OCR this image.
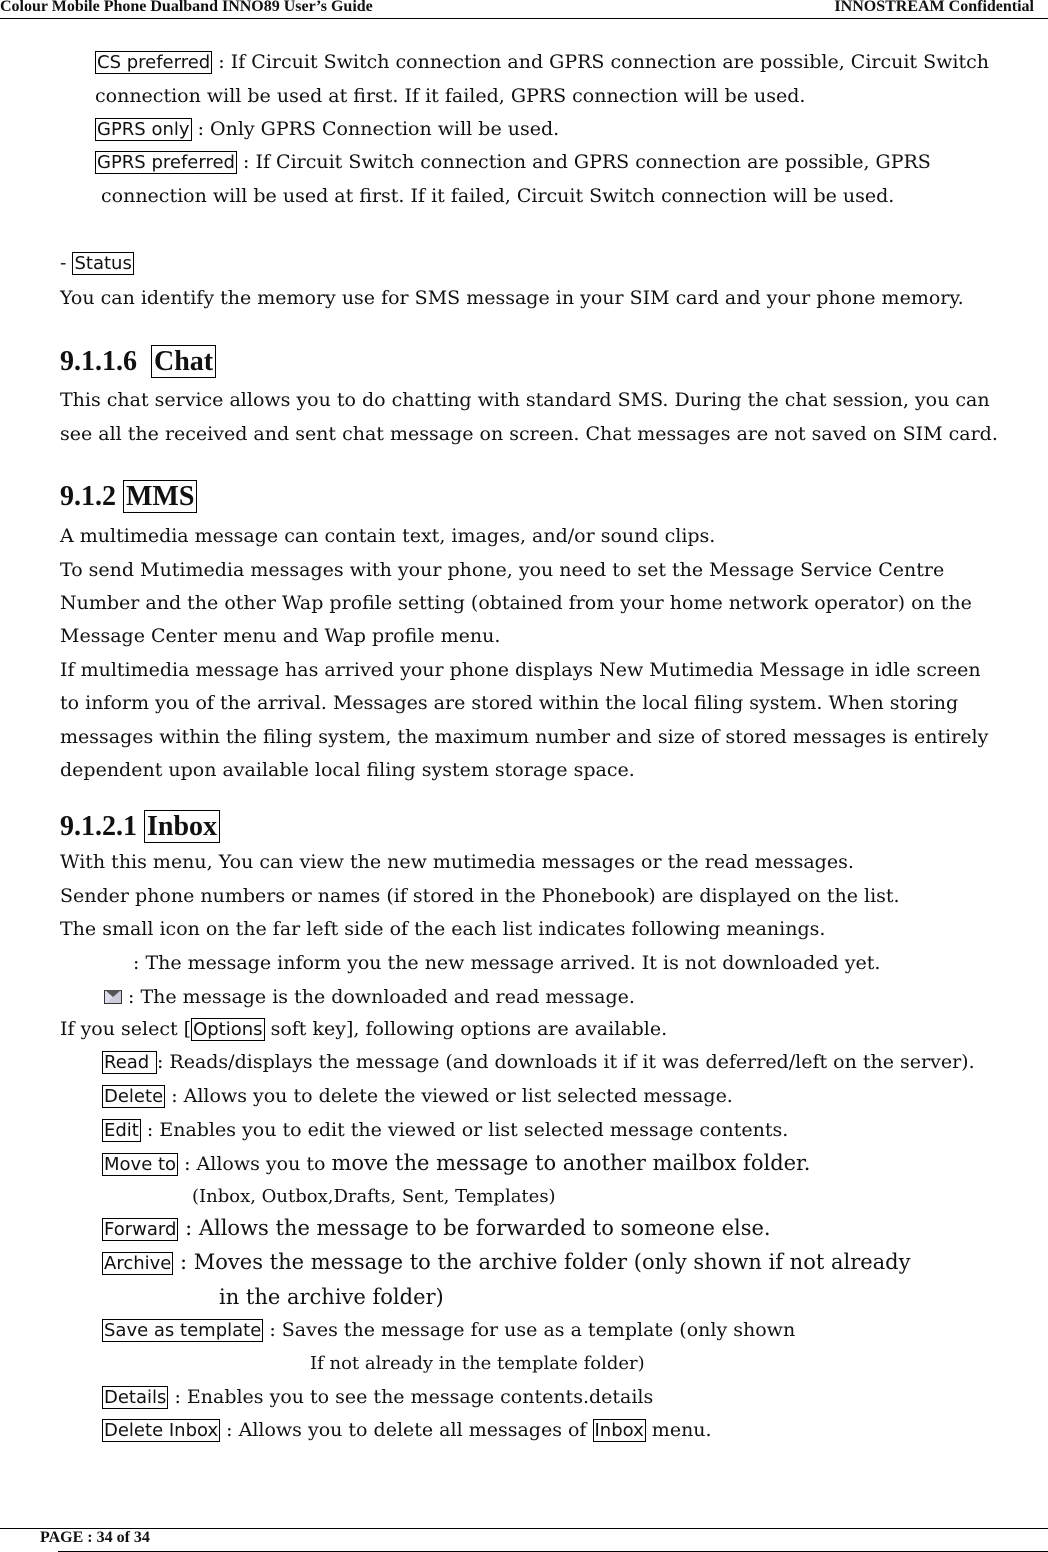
Colour Mobile Phone Dualband INNO89 User’s Guide	INNOSTREAM Confidential
CS preferred : If Circuit Switch connection and GPRS connection are possible, Circuit Switch
connection will be used at first. If it failed, GPRS connection will be used.
GPRS only : Only GPRS Connection will be used.
GPRS preferred : If Circuit Switch connection and GPRS connection are possible, GPRS
connection will be used at first. If it failed, Circuit Switch connection will be used.
- Status
You can identify the memory use for SMS message in your SIM card and your phone memory.
9.1.1.6 Chat
This chat service allows you to do chatting with standard SMS. During the chat session, you can
see all the received and sent chat message on screen. Chat messages are not saved on SIM card.
9.1.2 MMS
A multimedia message can contain text, images, and/or sound clips.
To send Mutimedia messages with your phone, you need to set the Message Service Centre
Number and the other Wap profile setting (obtained from your home network operator) on the
Message Center menu and Wap profile menu.
If multimedia message has arrived your phone displays New Mutimedia Message in idle screen
to inform you of the arrival. Messages are stored within the local filing system. When storing
messages within the filing system, the maximum number and size of stored messages is entirely
dependent upon available local filing system storage space.
9.1.2.1 Inbox
With this menu, You can view the new mutimedia messages or the read messages.
Sender phone numbers or names (if stored in the Phonebook) are displayed on the list.
The small icon on the far left side of the each list indicates following meanings.
: The message inform you the new message arrived. It is not downloaded yet.
: The message is the downloaded and read message.
If you select [ Options soft key], following options are available.
Read : Reads/displays the message (and downloads it if it was deferred/left on the server).
Delete : Allows you to delete the viewed or list selected message.
Edit : Enables you to edit the viewed or list selected message contents.
Move to : Allows you to move the message to another mailbox folder.
(Inbox, Outbox,Drafts, Sent, Templates)
Forward : Allows the message to be forwarded to someone else.
Archive : Moves the message to the archive folder (only shown if not already
in the archive folder)
Save as template : Saves the message for use as a template (only shown
If not already in the template folder)
Details : Enables you to see the message contents.details
Delete Inbox : Allows you to delete all messages of Inbox menu.
PAGE : 34 of 34
